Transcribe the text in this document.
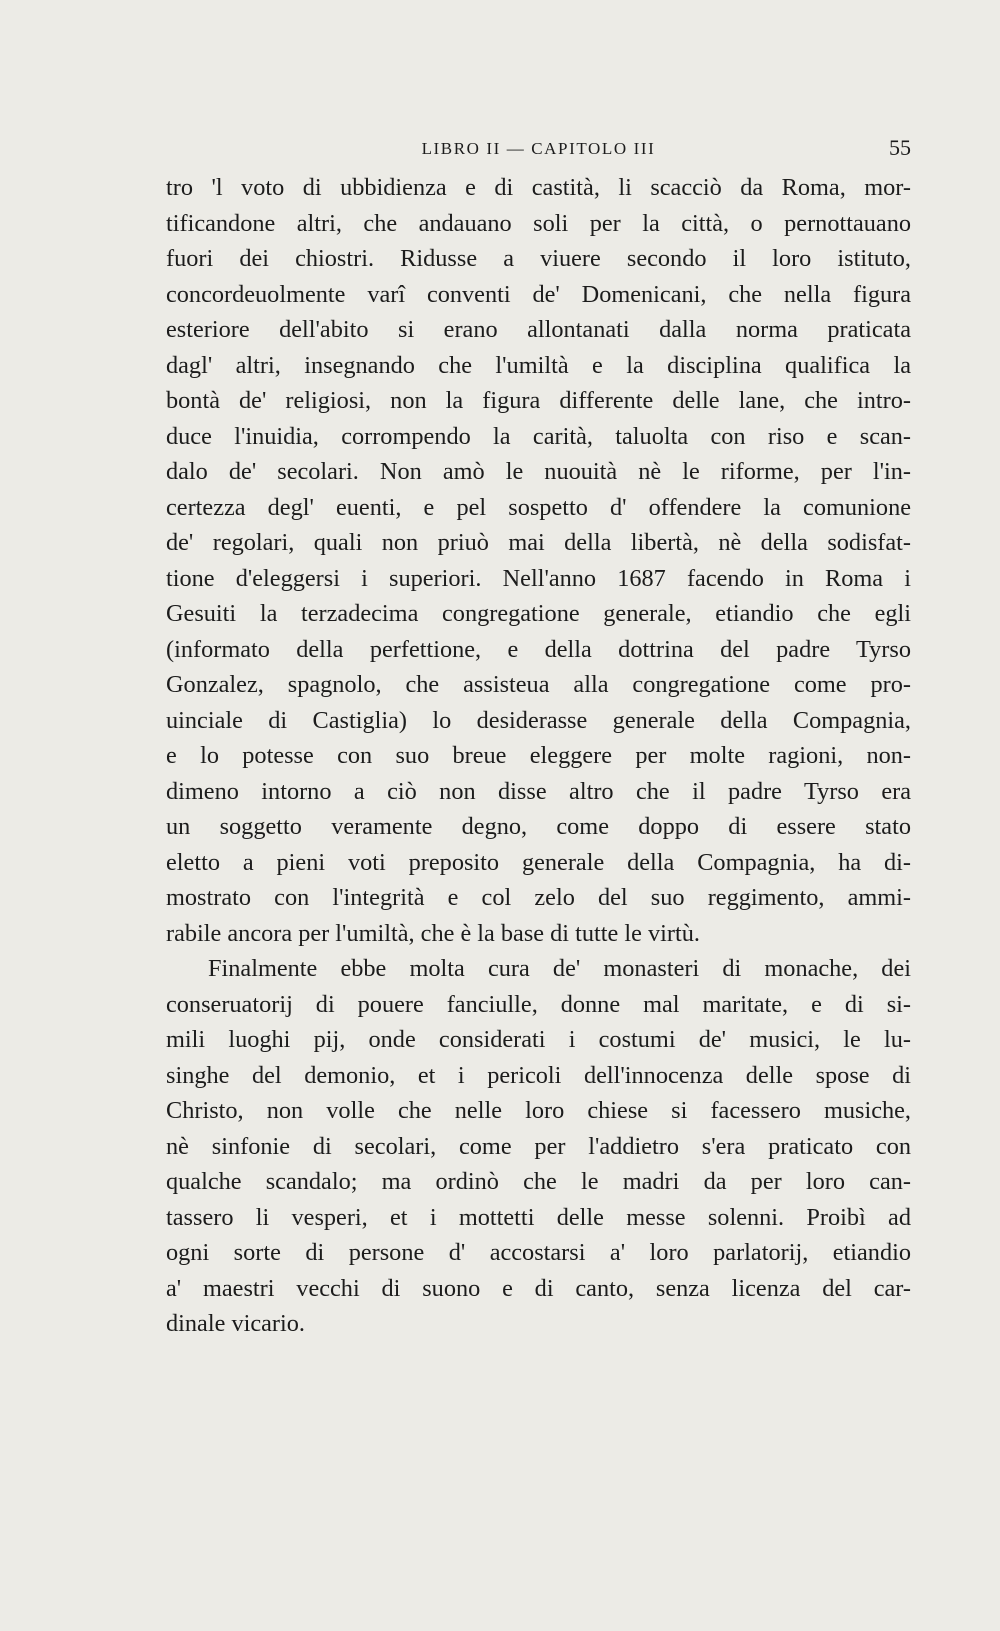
LIBRO II — CAPITOLO III	55
tro 'l voto di ubbidienza e di castità, li scacciò da Roma, mor-
tificandone altri, che andauano soli per la città, o pernottauano
fuori dei chiostri. Ridusse a viuere secondo il loro istituto,
concordeuolmente varî conventi de' Domenicani, che nella figura
esteriore dell'abito si erano allontanati dalla norma praticata
dagl' altri, insegnando che l'umiltà e la disciplina qualifica la
bontà de' religiosi, non la figura differente delle lane, che intro-
duce l'inuidia, corrompendo la carità, taluolta con riso e scan-
dalo de' secolari. Non amò le nuouità nè le riforme, per l'in-
certezza degl' euenti, e pel sospetto d' offendere la comunione
de' regolari, quali non priuò mai della libertà, nè della sodisfat-
tione d'eleggersi i superiori. Nell'anno 1687 facendo in Roma i
Gesuiti la terzadecima congregatione generale, etiandio che egli
(informato della perfettione, e della dottrina del padre Tyrso
Gonzalez, spagnolo, che assisteua alla congregatione come pro-
uinciale di Castiglia) lo desiderasse generale della Compagnia,
e lo potesse con suo breue eleggere per molte ragioni, non-
dimeno intorno a ciò non disse altro che il padre Tyrso era
un soggetto veramente degno, come doppo di essere stato
eletto a pieni voti preposito generale della Compagnia, ha di-
mostrato con l'integrità e col zelo del suo reggimento, ammi-
rabile ancora per l'umiltà, che è la base di tutte le virtù.
Finalmente ebbe molta cura de' monasteri di monache, dei
conseruatorij di pouere fanciulle, donne mal maritate, e di si-
mili luoghi pij, onde considerati i costumi de' musici, le lu-
singhe del demonio, et i pericoli dell'innocenza delle spose di
Christo, non volle che nelle loro chiese si facessero musiche,
nè sinfonie di secolari, come per l'addietro s'era praticato con
qualche scandalo; ma ordinò che le madri da per loro can-
tassero li vesperi, et i mottetti delle messe solenni. Proibì ad
ogni sorte di persone d' accostarsi a' loro parlatorij, etiandio
a' maestri vecchi di suono e di canto, senza licenza del car-
dinale vicario.
